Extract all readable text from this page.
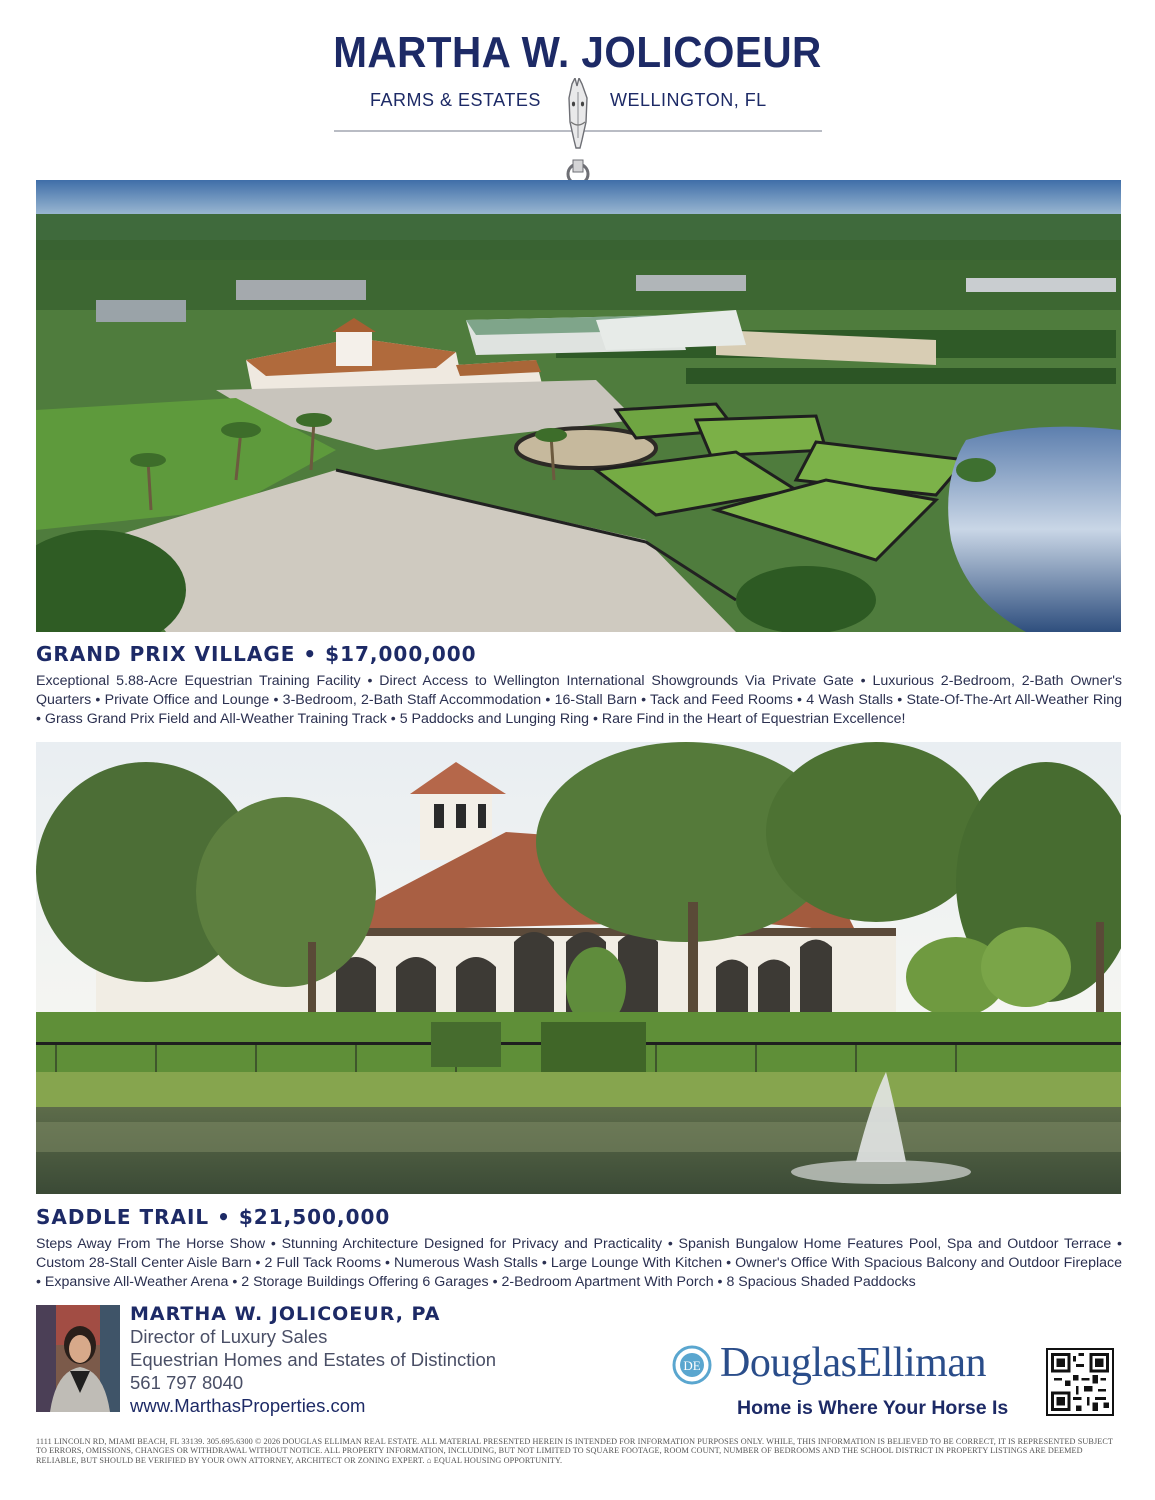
MARTHA W. JOLICOEUR
FARMS & ESTATES	WELLINGTON, FL
GRAND PRIX VILLAGE • $17,000,000
Exceptional 5.88-Acre Equestrian Training Facility • Direct Access to Wellington International Showgrounds Via Private Gate • Luxurious 2-Bedroom, 2-Bath Owner's Quarters • Private Office and Lounge • 3-Bedroom, 2-Bath Staff Accommodation • 16-Stall Barn • Tack and Feed Rooms • 4 Wash Stalls • State-Of-The-Art All-Weather Ring • Grass Grand Prix Field and All-Weather Training Track • 5 Paddocks and Lunging Ring • Rare Find in the Heart of Equestrian Excellence!
SADDLE TRAIL • $21,500,000
Steps Away From The Horse Show • Stunning Architecture Designed for Privacy and Practicality • Spanish Bungalow Home Features Pool, Spa and Outdoor Terrace • Custom 28-Stall Center Aisle Barn • 2 Full Tack Rooms • Numerous Wash Stalls • Large Lounge With Kitchen • Owner's Office With Spacious Balcony and Outdoor Fireplace • Expansive All-Weather Arena • 2 Storage Buildings Offering 6 Garages • 2-Bedroom Apartment With Porch • 8 Spacious Shaded Paddocks
MARTHA W. JOLICOEUR, PA
Director of Luxury Sales
Equestrian Homes and Estates of Distinction
561 797 8040
www.MarthasProperties.com
DE DouglasElliman
Home is Where Your Horse Is
1111 LINCOLN RD, MIAMI BEACH, FL 33139. 305.695.6300 © 2026 DOUGLAS ELLIMAN REAL ESTATE. ALL MATERIAL PRESENTED HEREIN IS INTENDED FOR INFORMATION PURPOSES ONLY. WHILE, THIS INFORMATION IS BELIEVED TO BE CORRECT, IT IS REPRESENTED SUBJECT TO ERRORS, OMISSIONS, CHANGES OR WITHDRAWAL WITHOUT NOTICE. ALL PROPERTY INFORMATION, INCLUDING, BUT NOT LIMITED TO SQUARE FOOTAGE, ROOM COUNT, NUMBER OF BEDROOMS AND THE SCHOOL DISTRICT IN PROPERTY LISTINGS ARE DEEMED RELIABLE, BUT SHOULD BE VERIFIED BY YOUR OWN ATTORNEY, ARCHITECT OR ZONING EXPERT. ⌂ EQUAL HOUSING OPPORTUNITY.
